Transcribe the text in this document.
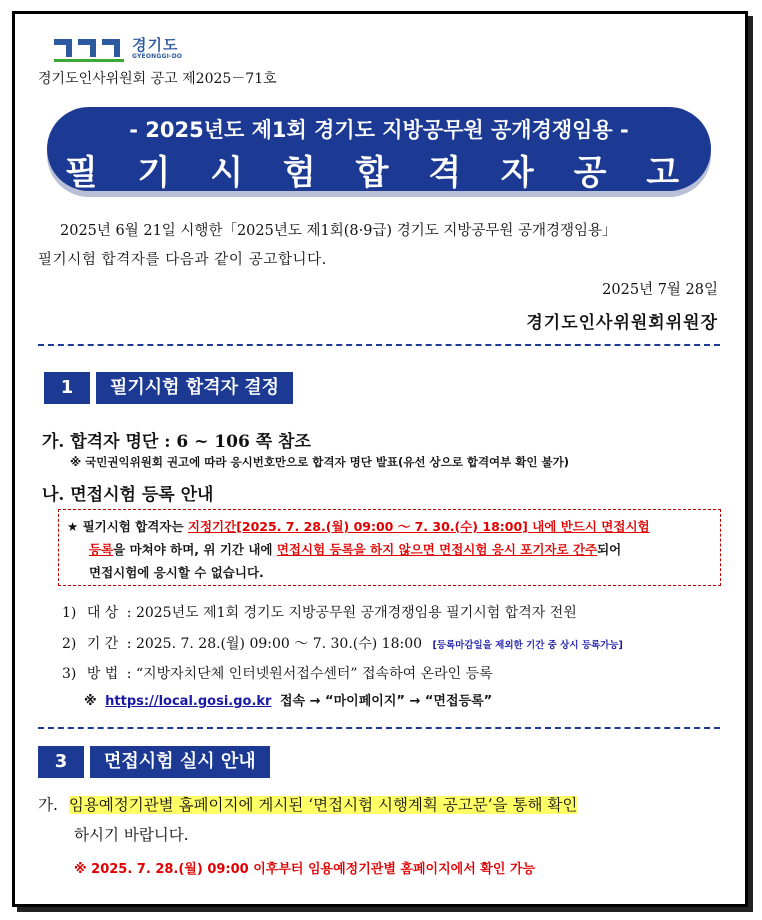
경기도
GYEONGGI-DO
경기도인사위원회 공고 제2025－71호
- 2025년도 제1회 경기도 지방공무원 공개경쟁임용 -
필 기 시 험 합 격 자 공 고
2025년 6월 21일 시행한「2025년도 제1회(8·9급) 경기도 지방공무원 공개경쟁임용」
필기시험 합격자를 다음과 같이 공고합니다.
2025년 7월 28일
경기도인사위원회위원장
1	필기시험 합격자 결정
가. 합격자 명단 : 6 ~ 106 쪽 참조
※ 국민권익위원회 권고에 따라 응시번호만으로 합격자 명단 발표(유선 상으로 합격여부 확인 불가)
나. 면접시험 등록 안내
★ 필기시험 합격자는 지정기간[2025. 7. 28.(월) 09:00 ～ 7. 30.(수) 18:00] 내에 반드시 면접시험
등록을 마쳐야 하며, 위 기간 내에 면접시험 등록을 하지 않으면 면접시험 응시 포기자로 간주되어
면접시험에 응시할 수 없습니다.
1) 대 상 : 2025년도 제1회 경기도 지방공무원 공개경쟁임용 필기시험 합격자 전원
2) 기 간 : 2025. 7. 28.(월) 09:00 ～ 7. 30.(수) 18:00 [등록마감일을 제외한 기간 중 상시 등록가능]
3) 방 법 : “지방자치단체 인터넷원서접수센터” 접속하여 온라인 등록
※ https://local.gosi.go.kr 접속 → “마이페이지” → “면접등록”
3	면접시험 실시 안내
가. 임용예정기관별 홈페이지에 게시된 ‘면접시험 시행계획 공고문’을 통해 확인
하시기 바랍니다.
※ 2025. 7. 28.(월) 09:00 이후부터 임용예정기관별 홈페이지에서 확인 가능
